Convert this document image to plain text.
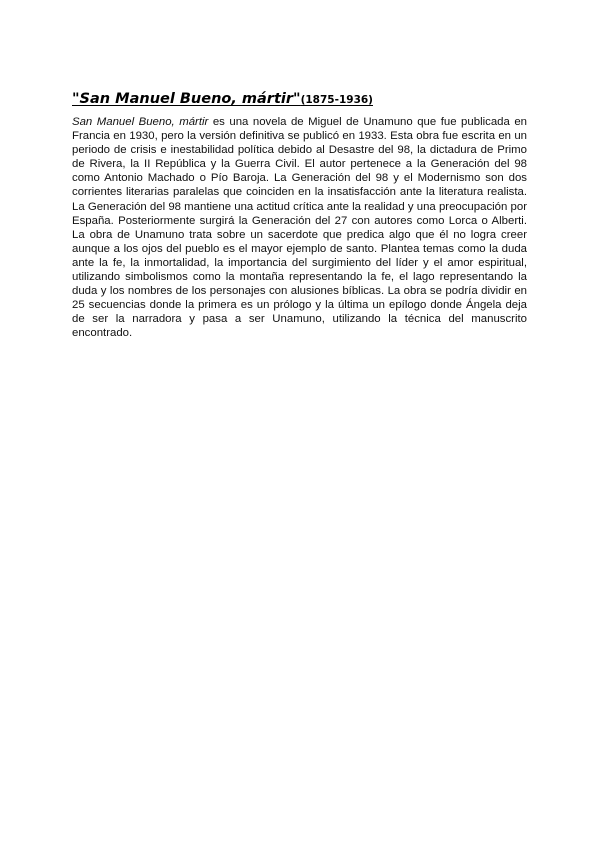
"San Manuel Bueno, mártir"(1875-1936)

San Manuel Bueno, mártir es una novela de Miguel de Unamuno que fue publicada en Francia en 1930, pero la versión definitiva se publicó en 1933. Esta obra fue escrita en un periodo de crisis e inestabilidad política debido al Desastre del 98, la dictadura de Primo de Rivera, la II República y la Guerra Civil. El autor pertenece a la Generación del 98 como Antonio Machado o Pío Baroja. La Generación del 98 y el Modernismo son dos corrientes literarias paralelas que coinciden en la insatisfacción ante la literatura realista. La Generación del 98 mantiene una actitud crítica ante la realidad y una preocupación por España. Posteriormente surgirá la Generación del 27 con autores como Lorca o Alberti. La obra de Unamuno trata sobre un sacerdote que predica algo que él no logra creer aunque a los ojos del pueblo es el mayor ejemplo de santo. Plantea temas como la duda ante la fe, la inmortalidad, la importancia del surgimiento del líder y el amor espiritual, utilizando simbolismos como la montaña representando la fe, el lago representando la duda y los nombres de los personajes con alusiones bíblicas. La obra se podría dividir en 25 secuencias donde la primera es un prólogo y la última un epílogo donde Ángela deja de ser la narradora y pasa a ser Unamuno, utilizando la técnica del manuscrito encontrado.
